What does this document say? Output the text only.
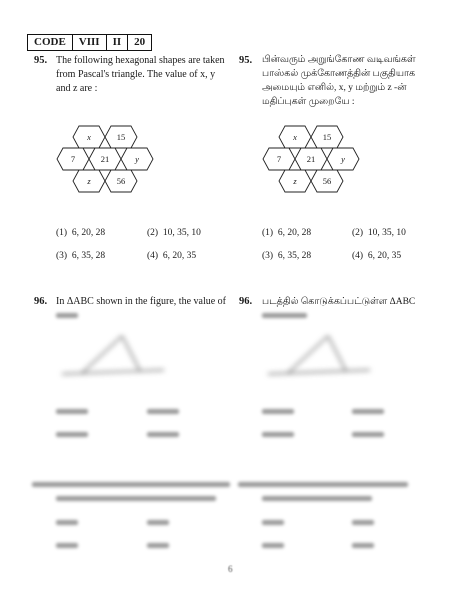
CODE	VIII	II	20
95. The following hexagonal shapes are taken
from Pascal's triangle. The value of x, y
and z are :
95. பின்வரும் அறுங்கோண வடிவங்கள்
பாஸ்கல் முக்கோணத்தின் பகுதியாக
அமையும் எனில், x, y மற்றும் z -ன்
மதிப்புகள் முறையே :
x	15
7	21	y
z	56
x	15
7	21	y
z	56
(1) 6, 20, 28	(2) 10, 35, 10
(3) 6, 35, 28	(4) 6, 20, 35
(1) 6, 20, 28	(2) 10, 35, 10
(3) 6, 35, 28	(4) 6, 20, 35
96. In ΔABC shown in the figure, the value of	96. படத்தில் கொடுக்கப்பட்டுள்ள ΔABC
6
